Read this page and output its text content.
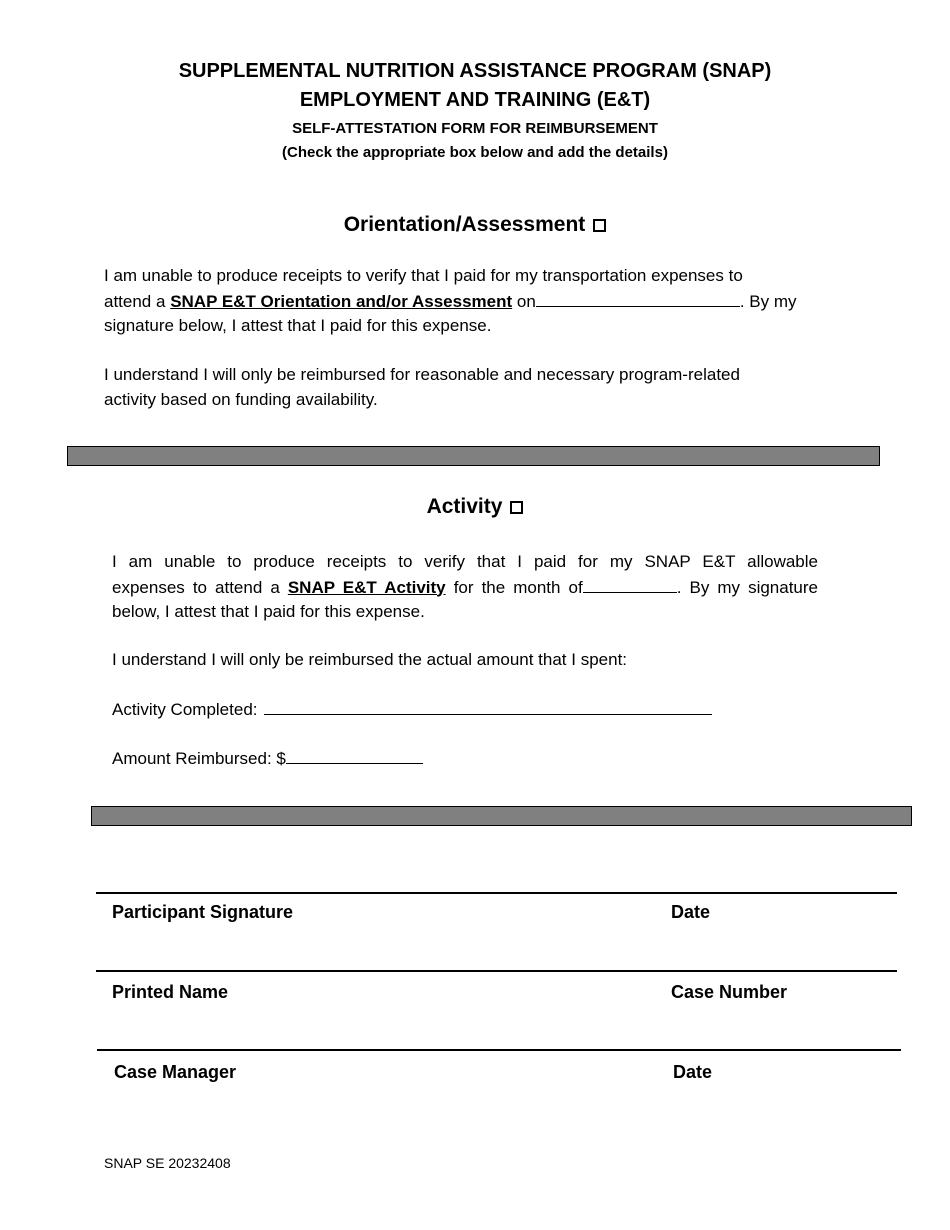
SUPPLEMENTAL NUTRITION ASSISTANCE PROGRAM (SNAP)
EMPLOYMENT AND TRAINING (E&T)
SELF-ATTESTATION FORM FOR REIMBURSEMENT
(Check the appropriate box below and add the details)
Orientation/Assessment
I am unable to produce receipts to verify that I paid for my transportation expenses to
attend a SNAP E&T Orientation and/or Assessment on	. By my
signature below, I attest that I paid for this expense.
I understand I will only be reimbursed for reasonable and necessary program-related
activity based on funding availability.
Activity
I am unable to produce receipts to verify that I paid for my SNAP E&T allowable
expenses to attend a SNAP E&T Activity for the month of	. By my signature
below, I attest that I paid for this expense.
I understand I will only be reimbursed the actual amount that I spent:
Activity Completed:
Amount Reimbursed: $
Participant Signature	Date
Printed Name	Case Number
Case Manager	Date
SNAP SE 20232408
